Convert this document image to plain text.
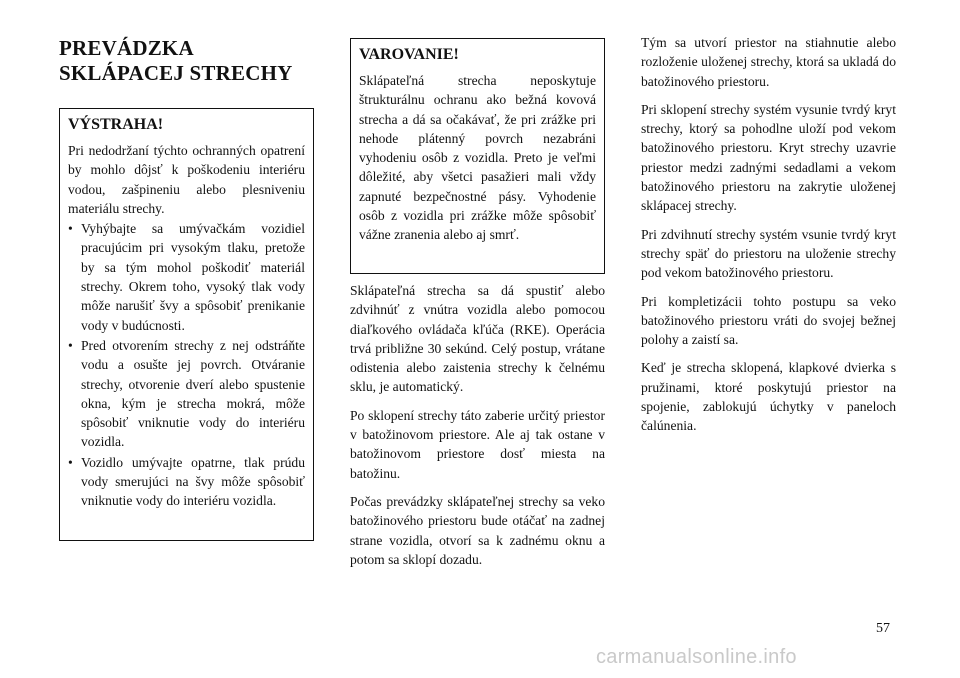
PREVÁDZKA
SKLÁPACEJ STRECHY
VÝSTRAHA!

Pri nedodržaní týchto ochranných opatrení by mohlo dôjsť k poškodeniu interiéru vodou, zašpineniu alebo plesniveniu materiálu strechy.

• Vyhýbajte sa umývačkám vozidiel pracujúcim pri vysokým tlaku, pretože by sa tým mohol poškodiť materiál strechy. Okrem toho, vysoký tlak vody môže narušiť švy a spôsobiť prenikanie vody v budúcnosti.
• Pred otvorením strechy z nej odstráňte vodu a osušte jej povrch. Otváranie strechy, otvorenie dverí alebo spustenie okna, kým je strecha mokrá, môže spôsobiť vniknutie vody do interiéru vozidla.
• Vozidlo umývajte opatrne, tlak prúdu vody smerujúci na švy môže spôsobiť vniknutie vody do interiéru vozidla.
VAROVANIE!

Sklápateľná strecha neposkytuje štrukturálnu ochranu ako bežná kovová strecha a dá sa očakávať, že pri zrážke pri nehode plátenný povrch nezabráni vyhodeniu osôb z vozidla. Preto je veľmi dôležité, aby všetci pasažieri mali vždy zapnuté bezpečnostné pásy. Vyhodenie osôb z vozidla pri zrážke môže spôsobiť vážne zranenia alebo aj smrť.

Sklápateľná strecha sa dá spustiť alebo zdvihnúť z vnútra vozidla alebo pomocou diaľkového ovládača kľúča (RKE). Operácia trvá približne 30 sekúnd. Celý postup, vrátane odistenia alebo zaistenia strechy k čelnému sklu, je automatický.

Po sklopení strechy táto zaberie určitý priestor v batožinovom priestore. Ale aj tak ostane v batožinovom priestore dosť miesta na batožinu.

Počas prevádzky sklápateľnej strechy sa veko batožinového priestoru bude otáčať na zadnej strane vozidla, otvorí sa k zadnému oknu a potom sa sklopí dozadu.

Tým sa utvorí priestor na stiahnutie alebo rozloženie uloženej strechy, ktorá sa ukladá do batožinového priestoru.

Pri sklopení strechy systém vysunie tvrdý kryt strechy, ktorý sa pohodlne uloží pod vekom batožinového priestoru. Kryt strechy uzavrie priestor medzi zadnými sedadlami a vekom batožinového priestoru na zakrytie uloženej sklápacej strechy.

Pri zdvihnutí strechy systém vsunie tvrdý kryt strechy späť do priestoru na uloženie strechy pod vekom batožinového priestoru.

Pri kompletizácii tohto postupu sa veko batožinového priestoru vráti do svojej bežnej polohy a zaistí sa.

Keď je strecha sklopená, klapkové dvierka s pružinami, ktoré poskytujú priestor na spojenie, zablokujú úchytky v paneloch čalúnenia.

57
carmanualsonline.info
